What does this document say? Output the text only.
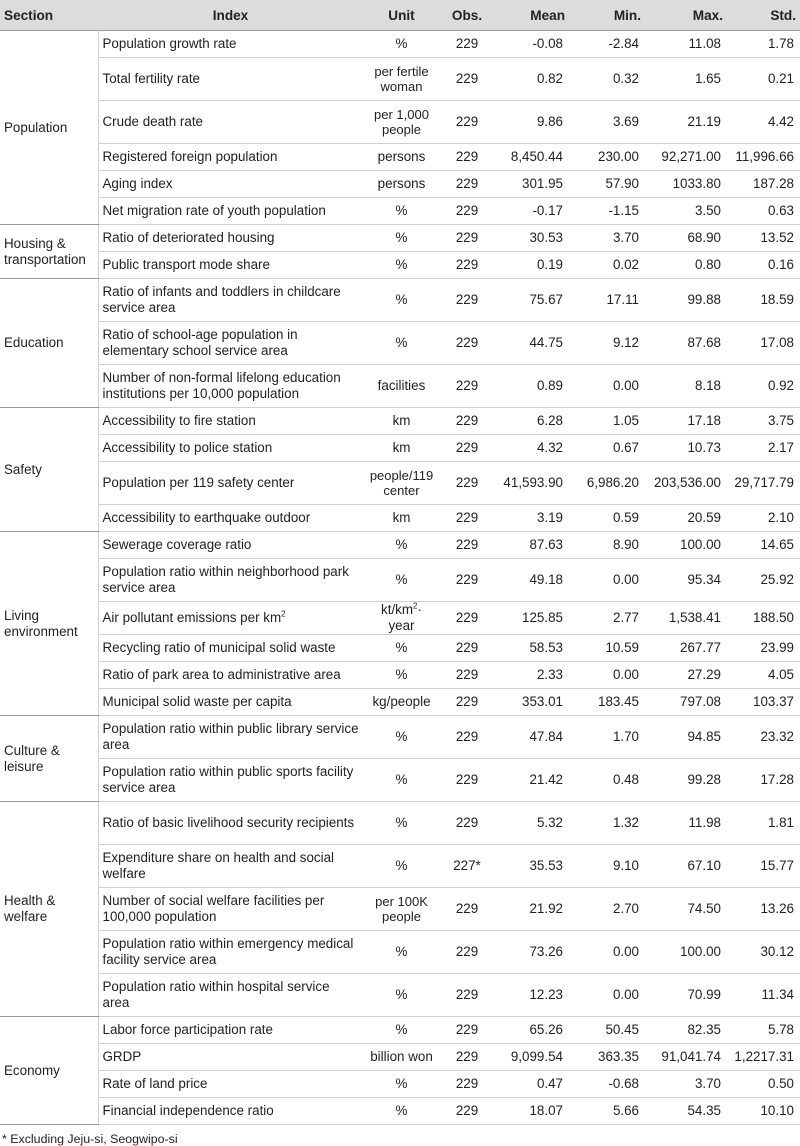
Section	Index	Unit	Obs.	Mean	Min.	Max.	Std.
Population	Population growth rate	%	229	-0.08	-2.84	11.08	1.78
	Total fertility rate	per fertile woman	229	0.82	0.32	1.65	0.21
	Crude death rate	per 1,000 people	229	9.86	3.69	21.19	4.42
	Registered foreign population	persons	229	8,450.44	230.00	92,271.00	11,996.66
	Aging index	persons	229	301.95	57.90	1033.80	187.28
	Net migration rate of youth population	%	229	-0.17	-1.15	3.50	0.63
Housing & transportation	Ratio of deteriorated housing	%	229	30.53	3.70	68.90	13.52
	Public transport mode share	%	229	0.19	0.02	0.80	0.16
Education	Ratio of infants and toddlers in childcare service area	%	229	75.67	17.11	99.88	18.59
	Ratio of school-age population in elementary school service area	%	229	44.75	9.12	87.68	17.08
	Number of non-formal lifelong education institutions per 10,000 population	facilities	229	0.89	0.00	8.18	0.92
Safety	Accessibility to fire station	km	229	6.28	1.05	17.18	3.75
	Accessibility to police station	km	229	4.32	0.67	10.73	2.17
	Population per 119 safety center	people/119 center	229	41,593.90	6,986.20	203,536.00	29,717.79
	Accessibility to earthquake outdoor	km	229	3.19	0.59	20.59	2.10
Living environment	Sewerage coverage ratio	%	229	87.63	8.90	100.00	14.65
	Population ratio within neighborhood park service area	%	229	49.18	0.00	95.34	25.92
	Air pollutant emissions per $km^2$	$kt/km^2\cdot$ year	229	125.85	2.77	1,538.41	188.50
	Recycling ratio of municipal solid waste	%	229	58.53	10.59	267.77	23.99
	Ratio of park area to administrative area	%	229	2.33	0.00	27.29	4.05
	Municipal solid waste per capita	kg/people	229	353.01	183.45	797.08	103.37
Culture & leisure	Population ratio within public library service area	%	229	47.84	1.70	94.85	23.32
	Population ratio within public sports facility service area	%	229	21.42	0.48	99.28	17.28
Health & welfare	Ratio of basic livelihood security recipients	%	229	5.32	1.32	11.98	1.81
	Expenditure share on health and social welfare	%	227*	35.53	9.10	67.10	15.77
	Number of social welfare facilities per 100,000 population	per 100K people	229	21.92	2.70	74.50	13.26
	Population ratio within emergency medical facility service area	%	229	73.26	0.00	100.00	30.12
	Population ratio within hospital service area	%	229	12.23	0.00	70.99	11.34
Economy	Labor force participation rate	%	229	65.26	50.45	82.35	5.78
	GRDP	billion won	229	9,099.54	363.35	91,041.74	1,2217.31
	Rate of land price	%	229	0.47	-0.68	3.70	0.50
	Financial independence ratio	%	229	18.07	5.66	54.35	10.10
* Excluding Jeju-si, Seogwipo-si
